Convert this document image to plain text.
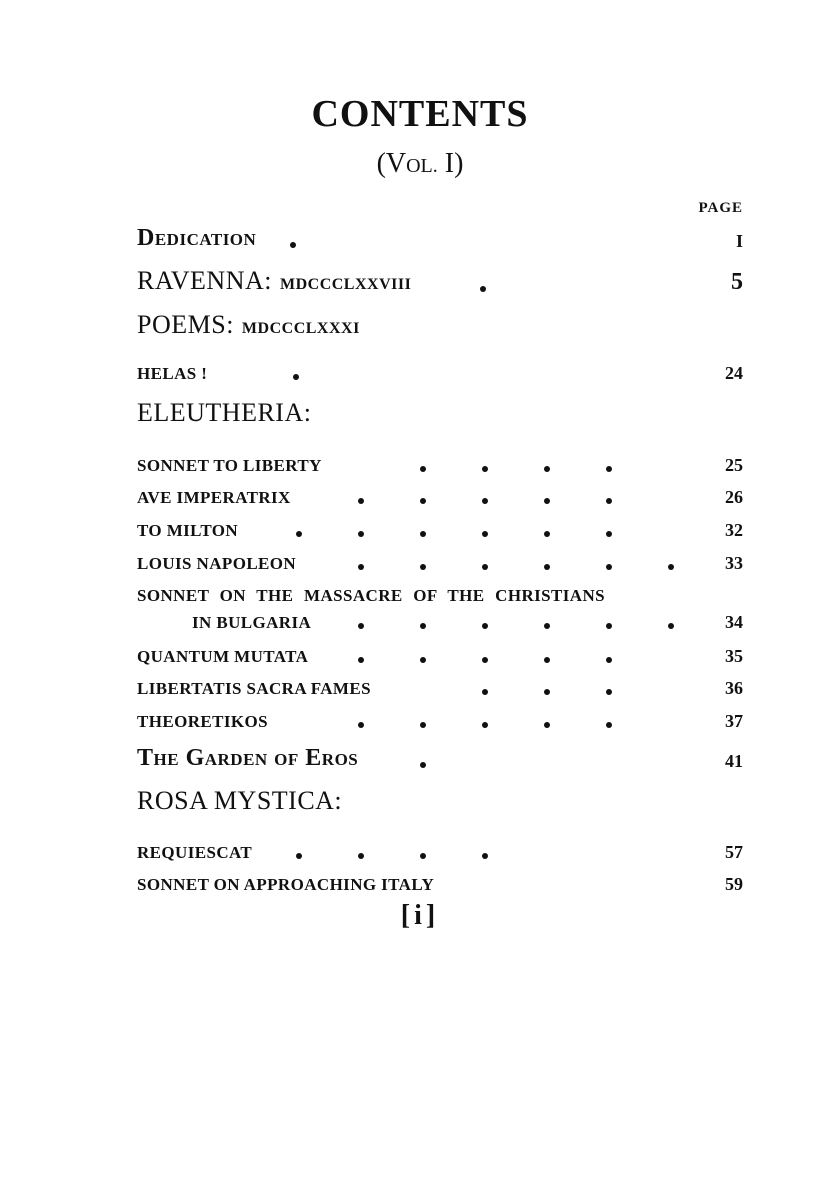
CONTENTS
(VOL. I)
PAGE
Dedication	I
RAVENNA: MDCCCLXXVIII	5
POEMS: MDCCCLXXXI
HELAS !	24
ELEUTHERIA:
SONNET TO LIBERTY	25
AVE IMPERATRIX	26
TO MILTON	32
LOUIS NAPOLEON	33
SONNET ON THE MASSACRE OF THE CHRISTIANS
IN BULGARIA	34
QUANTUM MUTATA	35
LIBERTATIS SACRA FAMES	36
THEORETIKOS	37
The Garden of Eros	41
ROSA MYSTICA:
REQUIESCAT	57
SONNET ON APPROACHING ITALY	59
[i]
